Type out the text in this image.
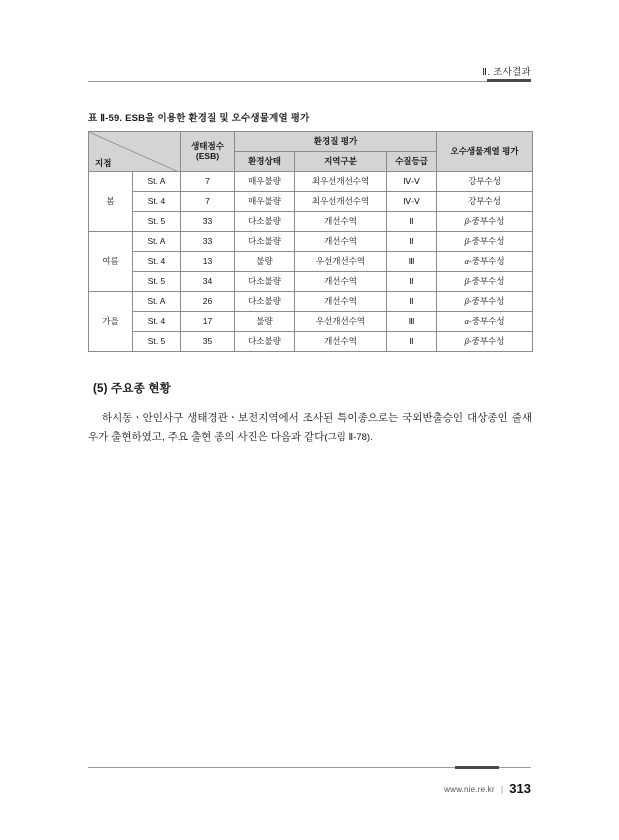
Ⅱ. 조사결과
표 Ⅱ-59. ESB을 이용한 환경질 및 오수생물계열 평가
지점		생태점수
(ESB)	환경질 평가			오수생물계열 평가
			환경상태	지역구분	수질등급	
봄	St. A	7	매우불량	최우선개선수역	Ⅳ-Ⅴ	강부수성
	St. 4	7	매우불량	최우선개선수역	Ⅳ-Ⅴ	강부수성
	St. 5	33	다소불량	개선수역	Ⅱ	β-중부수성
여름	St. A	33	다소불량	개선수역	Ⅱ	β-중부수성
	St. 4	13	불량	우선개선수역	Ⅲ	α-중부수성
	St. 5	34	다소불량	개선수역	Ⅱ	β-중부수성
가을	St. A	26	다소불량	개선수역	Ⅱ	β-중부수성
	St. 4	17	불량	우선개선수역	Ⅲ	α-중부수성
	St. 5	35	다소불량	개선수역	Ⅱ	β-중부수성
(5) 주요종 현황
하시동ㆍ안인사구 생태경관ㆍ보전지역에서 조사된 특이종으로는 국외반출승인 대상종인 줄새우가 출현하였고, 주요 출현 종의 사진은 다음과 같다(그림 Ⅱ-78).
www.nie.re.kr | 313
